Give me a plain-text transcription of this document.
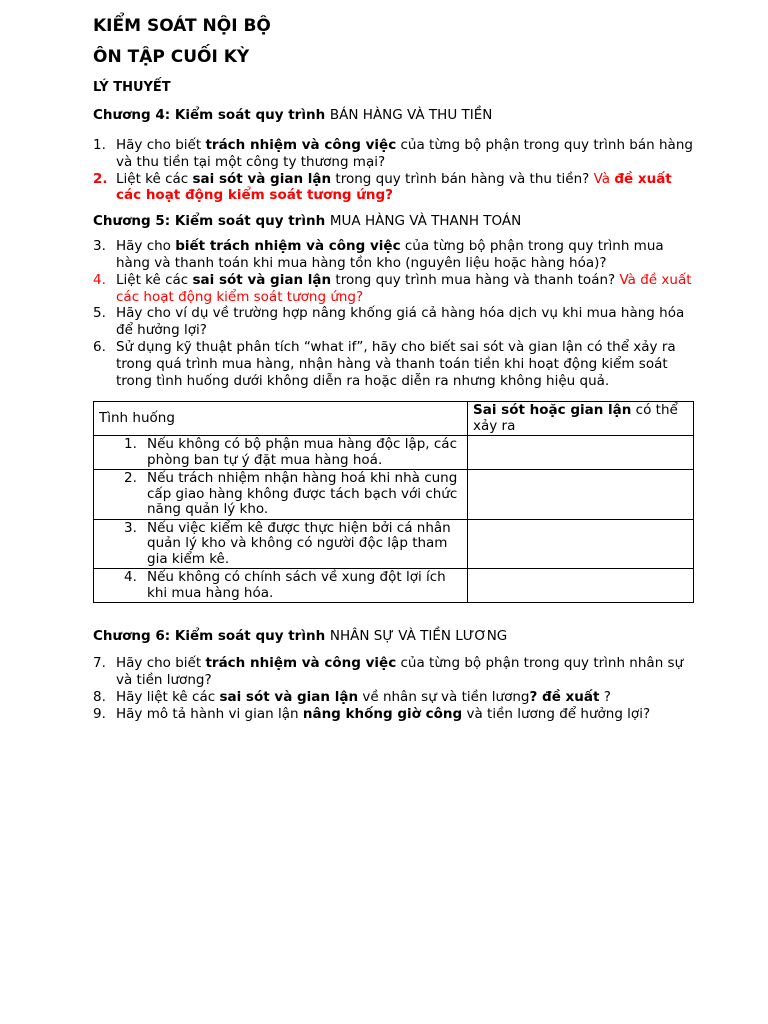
KIỂM SOÁT NỘI BỘ
ÔN TẬP CUỐI KỲ
LÝ THUYẾT
Chương 4: Kiểm soát quy trình BÁN HÀNG VÀ THU TIỀN
1. Hãy cho biết trách nhiệm và công việc của từng bộ phận trong quy trình bán hàng và thu tiền tại một công ty thương mại?
2. Liệt kê các sai sót và gian lận trong quy trình bán hàng và thu tiền? Và đề xuất các hoạt động kiểm soát tương ứng?
Chương 5: Kiểm soát quy trình MUA HÀNG VÀ THANH TOÁN
3. Hãy cho biết trách nhiệm và công việc của từng bộ phận trong quy trình mua hàng và thanh toán khi mua hàng tồn kho (nguyên liệu hoặc hàng hóa)?
4. Liệt kê các sai sót và gian lận trong quy trình mua hàng và thanh toán? Và đề xuất các hoạt động kiểm soát tương ứng?
5. Hãy cho ví dụ về trường hợp nâng khống giá cả hàng hóa dịch vụ khi mua hàng hóa để hưởng lợi?
6. Sử dụng kỹ thuật phân tích “what if”, hãy cho biết sai sót và gian lận có thể xảy ra trong quá trình mua hàng, nhận hàng và thanh toán tiền khi hoạt động kiểm soát trong tình huống dưới không diễn ra hoặc diễn ra nhưng không hiệu quả.
Tình huống	Sai sót hoặc gian lận có thể xảy ra

1. Nếu không có bộ phận mua hàng độc lập, các phòng ban tự ý đặt mua hàng hoá.	

2. Nếu trách nhiệm nhận hàng hoá khi nhà cung cấp giao hàng không được tách bạch với chức năng quản lý kho.	

3. Nếu việc kiểm kê được thực hiện bởi cá nhân quản lý kho và không có người độc lập tham gia kiểm kê.	

4. Nếu không có chính sách về xung đột lợi ích khi mua hàng hóa.	

Chương 6: Kiểm soát quy trình NHÂN SỰ VÀ TIỀN LƯƠNG
7. Hãy cho biết trách nhiệm và công việc của từng bộ phận trong quy trình nhân sự và tiền lương?
8. Hãy liệt kê các sai sót và gian lận về nhân sự và tiền lương? đề xuất ?
9. Hãy mô tả hành vi gian lận nâng khống giờ công và tiền lương để hưởng lợi?
